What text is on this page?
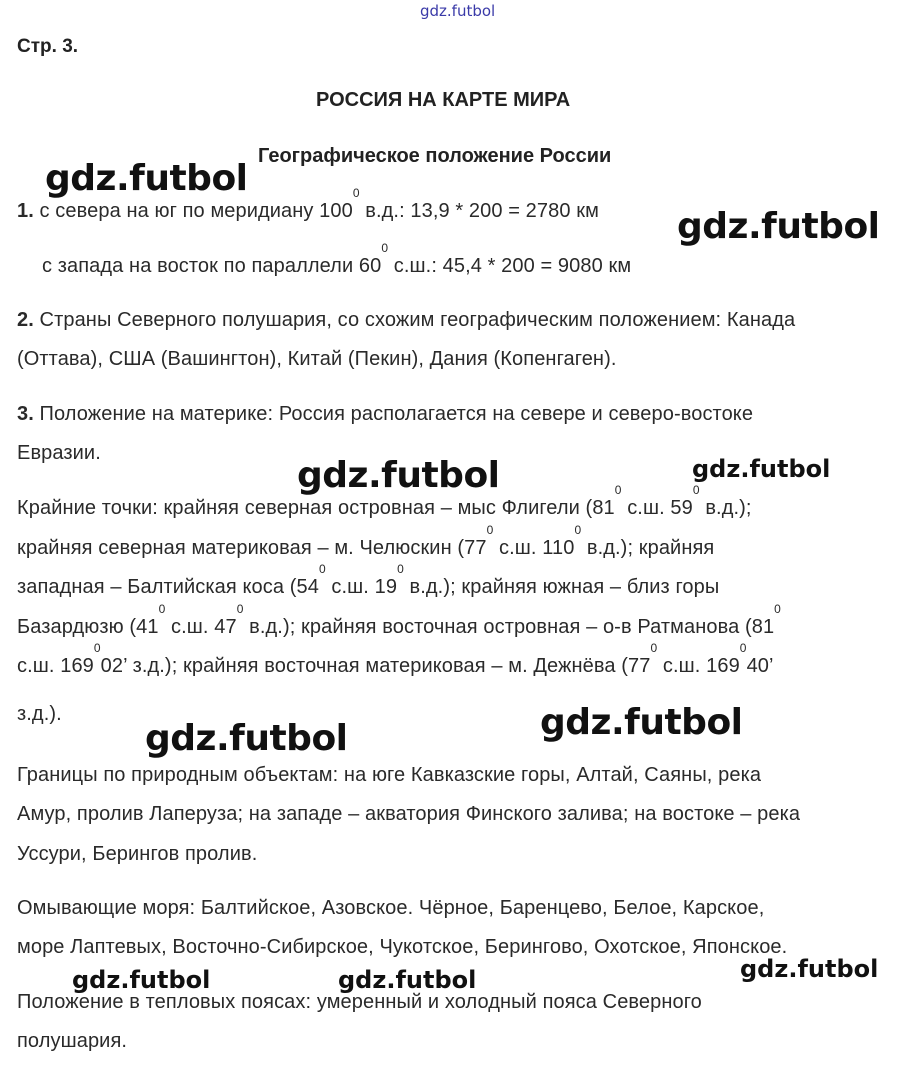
gdz.futbol
Стр. 3.
РОССИЯ НА КАРТЕ МИРА
Географическое положение России
1. с севера на юг по меридиану $100^0$ в.д.: 13,9 * 200 = 2780 км
с запада на восток по параллели $60^0$ с.ш.: 45,4 * 200 = 9080 км
2. Страны Северного полушария, со схожим географическим положением: Канада
(Оттава), США (Вашингтон), Китай (Пекин), Дания (Копенгаген).
3. Положение на материке: Россия располагается на севере и северо-востоке
Евразии.
Крайние точки: крайняя северная островная – мыс Флигели ($81^0$ с.ш. $59^0$ в.д.);
крайняя северная материковая – м. Челюскин ($77^0$ с.ш. $110^0$ в.д.); крайняя
западная – Балтийская коса ($54^0$ с.ш. $19^0$ в.д.); крайняя южная – близ горы
Базардюзю ($41^0$ с.ш. $47^0$ в.д.); крайняя восточная островная – о-в Ратманова ($81^0$
с.ш. $169^002$’ з.д.); крайняя восточная материковая – м. Дежнёва ($77^0$ с.ш. $169^040$’
з.д.).
Границы по природным объектам: на юге Кавказские горы, Алтай, Саяны, река
Амур, пролив Лаперуза; на западе – акватория Финского залива; на востоке – река
Уссури, Берингов пролив.
Омывающие моря: Балтийское, Азовское. Чёрное, Баренцево, Белое, Карское,
море Лаптевых, Восточно-Сибирское, Чукотское, Берингово, Охотское, Японское.
Положение в тепловых поясах: умеренный и холодный пояса Северного
полушария.
gdz.futbol
gdz.futbol
gdz.futbol	gdz.futbol
gdz.futbol
gdz.futbol
gdz.futbol	gdz.futbol	gdz.futbol
